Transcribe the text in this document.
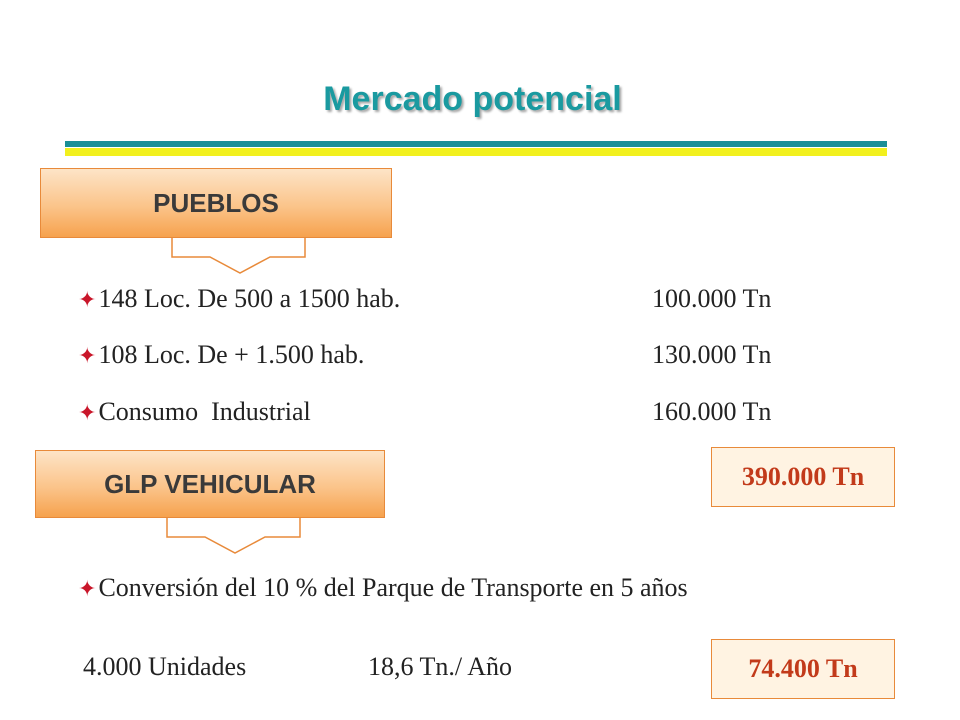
Mercado potencial
PUEBLOS
✦148 Loc. De 500 a 1500 hab.	100.000 Tn
✦108 Loc. De + 1.500 hab.	130.000 Tn
✦Consumo  Industrial	160.000 Tn
390.000 Tn
GLP VEHICULAR
✦Conversión del 10 % del Parque de Transporte en 5 años
4.000 Unidades	18,6 Tn./ Año	74.400 Tn
